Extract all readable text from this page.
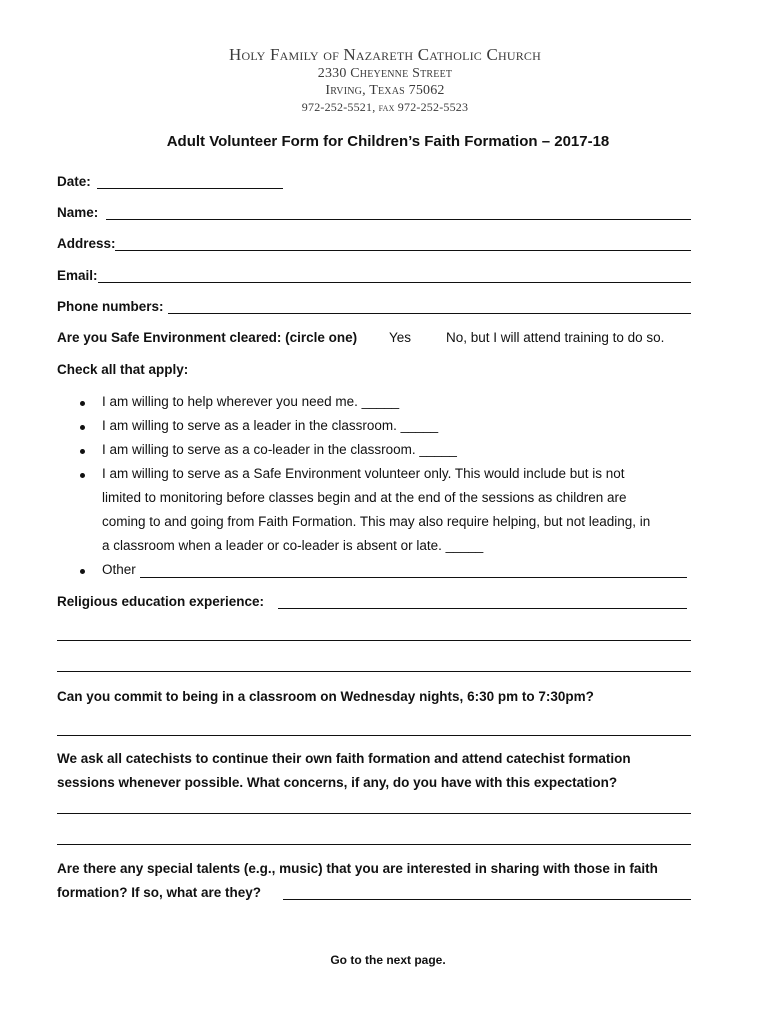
Holy Family of Nazareth Catholic Church
2330 Cheyenne Street
Irving, Texas 75062
972-252-5521, fax 972-252-5523
Adult Volunteer Form for Children’s Faith Formation – 2017-18
Date:
Name:
Address:
Email:
Phone numbers:
Are you Safe Environment cleared: (circle one) Yes	No, but I will attend training to do so.
Check all that apply:
I am willing to help wherever you need me. _____
I am willing to serve as a leader in the classroom. _____
I am willing to serve as a co-leader in the classroom. _____
I am willing to serve as a Safe Environment volunteer only. This would include but is not
limited to monitoring before classes begin and at the end of the sessions as children are
coming to and going from Faith Formation. This may also require helping, but not leading, in
a classroom when a leader or co-leader is absent or late. _____
Other
Religious education experience:
Can you commit to being in a classroom on Wednesday nights, 6:30 pm to 7:30pm?
We ask all catechists to continue their own faith formation and attend catechist formation
sessions whenever possible. What concerns, if any, do you have with this expectation?
Are there any special talents (e.g., music) that you are interested in sharing with those in faith
formation? If so, what are they?
Go to the next page.
